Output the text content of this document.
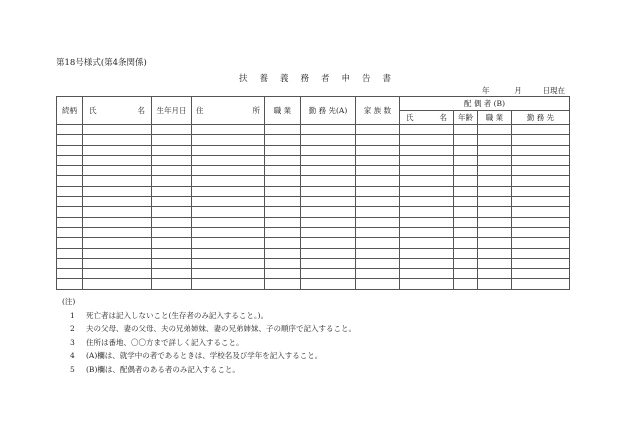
第18号様式(第4条関係)
扶養義務者申告書
年	月	日現在
続柄	氏 名	生年月日	住 所	職 業	勤 務 先(A)	家 族 数	配 偶 者 (B)			

							氏 名	年齢	職 業	勤 務 先

(注)
1 死亡者は記入しないこと(生存者のみ記入すること。)。
2 夫の父母、妻の父母、夫の兄弟姉妹、妻の兄弟姉妹、子の順序で記入すること。
3 住所は番地、〇〇方まで詳しく記入すること。
4 (A)欄は、就学中の者であるときは、学校名及び学年を記入すること。
5 (B)欄は、配偶者のある者のみ記入すること。
